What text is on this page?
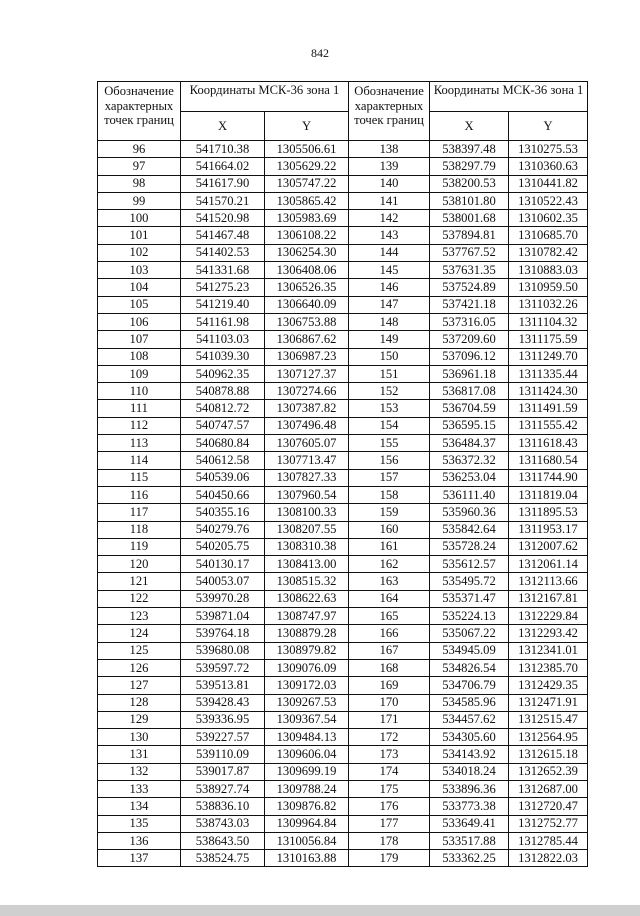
842
Обозначение характерных точек границ	Координаты МСК-36 зона 1		Обозначение характерных точек границ	Координаты МСК-36 зона 1	
	X	Y		X	Y
96	541710.38	1305506.61	138	538397.48	1310275.53
97	541664.02	1305629.22	139	538297.79	1310360.63
98	541617.90	1305747.22	140	538200.53	1310441.82
99	541570.21	1305865.42	141	538101.80	1310522.43
100	541520.98	1305983.69	142	538001.68	1310602.35
101	541467.48	1306108.22	143	537894.81	1310685.70
102	541402.53	1306254.30	144	537767.52	1310782.42
103	541331.68	1306408.06	145	537631.35	1310883.03
104	541275.23	1306526.35	146	537524.89	1310959.50
105	541219.40	1306640.09	147	537421.18	1311032.26
106	541161.98	1306753.88	148	537316.05	1311104.32
107	541103.03	1306867.62	149	537209.60	1311175.59
108	541039.30	1306987.23	150	537096.12	1311249.70
109	540962.35	1307127.37	151	536961.18	1311335.44
110	540878.88	1307274.66	152	536817.08	1311424.30
111	540812.72	1307387.82	153	536704.59	1311491.59
112	540747.57	1307496.48	154	536595.15	1311555.42
113	540680.84	1307605.07	155	536484.37	1311618.43
114	540612.58	1307713.47	156	536372.32	1311680.54
115	540539.06	1307827.33	157	536253.04	1311744.90
116	540450.66	1307960.54	158	536111.40	1311819.04
117	540355.16	1308100.33	159	535960.36	1311895.53
118	540279.76	1308207.55	160	535842.64	1311953.17
119	540205.75	1308310.38	161	535728.24	1312007.62
120	540130.17	1308413.00	162	535612.57	1312061.14
121	540053.07	1308515.32	163	535495.72	1312113.66
122	539970.28	1308622.63	164	535371.47	1312167.81
123	539871.04	1308747.97	165	535224.13	1312229.84
124	539764.18	1308879.28	166	535067.22	1312293.42
125	539680.08	1308979.82	167	534945.09	1312341.01
126	539597.72	1309076.09	168	534826.54	1312385.70
127	539513.81	1309172.03	169	534706.79	1312429.35
128	539428.43	1309267.53	170	534585.96	1312471.91
129	539336.95	1309367.54	171	534457.62	1312515.47
130	539227.57	1309484.13	172	534305.60	1312564.95
131	539110.09	1309606.04	173	534143.92	1312615.18
132	539017.87	1309699.19	174	534018.24	1312652.39
133	538927.74	1309788.24	175	533896.36	1312687.00
134	538836.10	1309876.82	176	533773.38	1312720.47
135	538743.03	1309964.84	177	533649.41	1312752.77
136	538643.50	1310056.84	178	533517.88	1312785.44
137	538524.75	1310163.88	179	533362.25	1312822.03
